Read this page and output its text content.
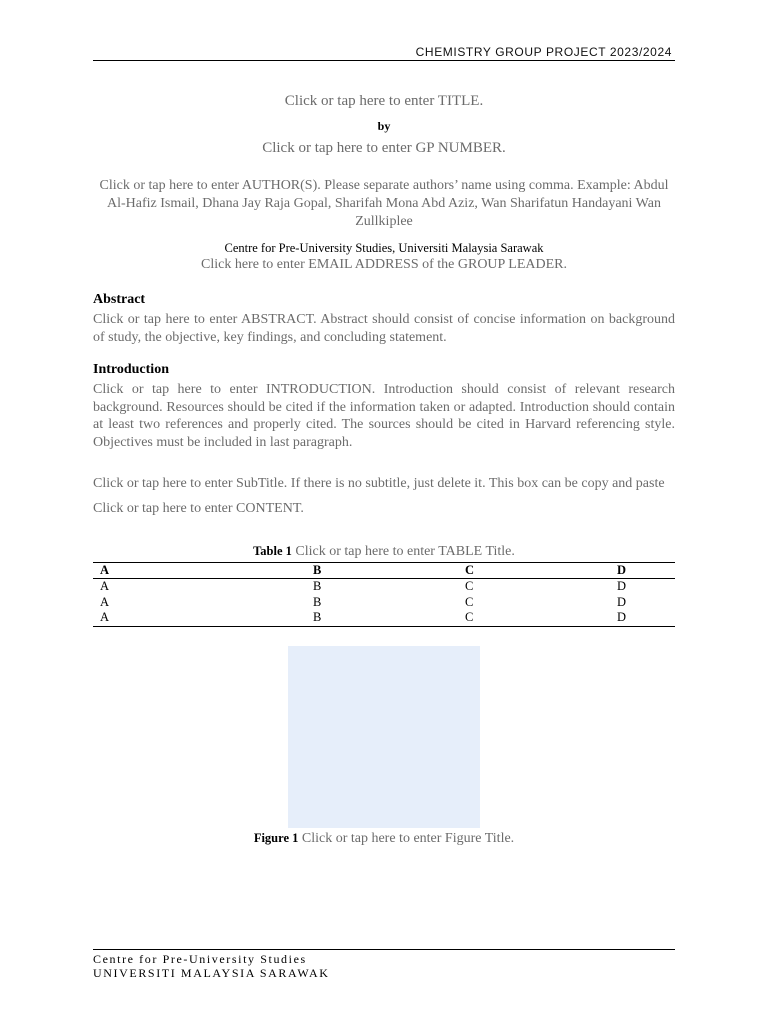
CHEMISTRY GROUP PROJECT 2023/2024
Click or tap here to enter TITLE.
by
Click or tap here to enter GP NUMBER.
Click or tap here to enter AUTHOR(S). Please separate authors’ name using comma. Example: Abdul Al-Hafiz Ismail, Dhana Jay Raja Gopal, Sharifah Mona Abd Aziz, Wan Sharifatun Handayani Wan Zullkiplee
Centre for Pre-University Studies, Universiti Malaysia Sarawak
Click here to enter EMAIL ADDRESS of the GROUP LEADER.
Abstract
Click or tap here to enter ABSTRACT. Abstract should consist of concise information on background of study, the objective, key findings, and concluding statement.
Introduction
Click or tap here to enter INTRODUCTION. Introduction should consist of relevant research background. Resources should be cited if the information taken or adapted. Introduction should contain at least two references and properly cited. The sources should be cited in Harvard referencing style. Objectives must be included in last paragraph.
Click or tap here to enter SubTitle. If there is no subtitle, just delete it. This box can be copy and paste
Click or tap here to enter CONTENT.
Table 1 Click or tap here to enter TABLE Title.
A	B	C	D
A	B	C	D
A	B	C	D
A	B	C	D
Figure 1 Click or tap here to enter Figure Title.
Centre for Pre-University Studies
UNIVERSITI MALAYSIA SARAWAK
